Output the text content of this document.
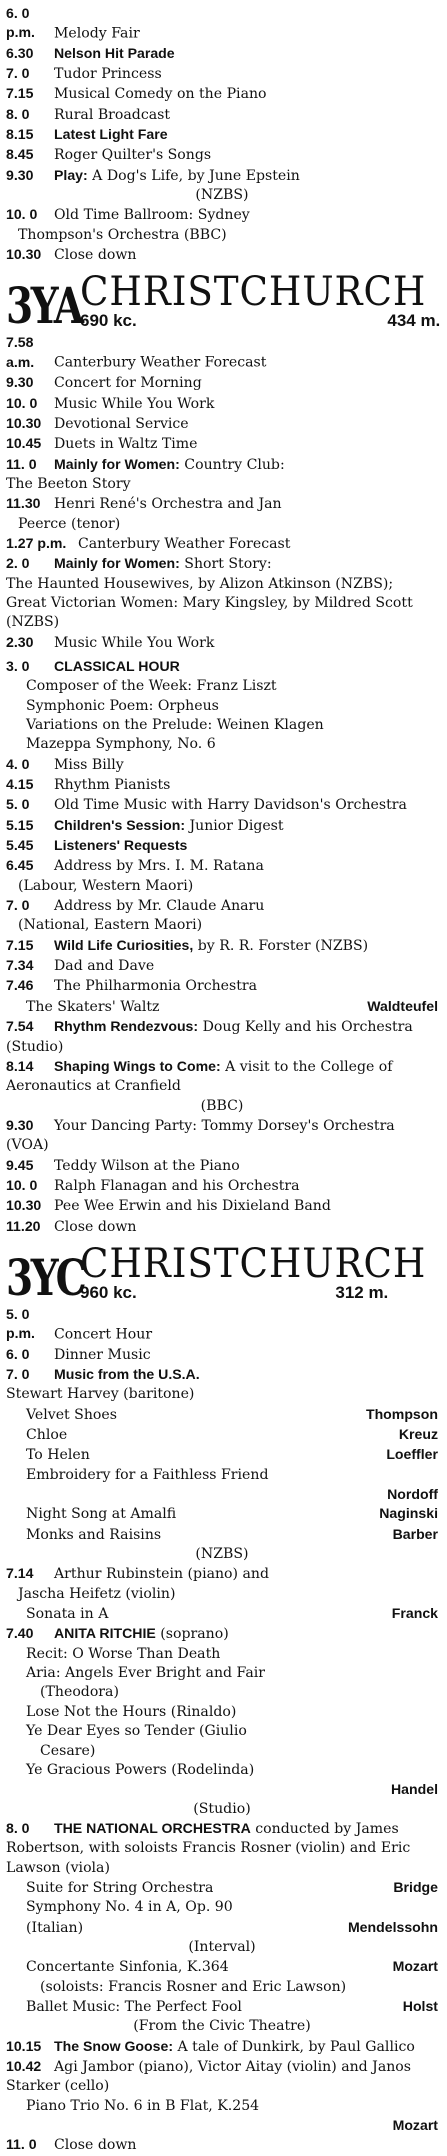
6. 0 p.m. Melody Fair
6.30 Nelson Hit Parade
7. 0 Tudor Princess
7.15 Musical Comedy on the Piano
8. 0 Rural Broadcast
8.15 Latest Light Fare
8.45 Roger Quilter's Songs
9.30 Play: A Dog's Life, by June Epstein
(NZBS)
10. 0 Old Time Ballroom: Sydney
Thompson's Orchestra (BBC)
10.30 Close down
3YA
CHRISTCHURCH
690 kc.	434 m.
7.58 a.m. Canterbury Weather Forecast
9.30 Concert for Morning
10. 0 Music While You Work
10.30 Devotional Service
10.45 Duets in Waltz Time
11. 0 Mainly for Women: Country Club:
The Beeton Story
11.30 Henri René's Orchestra and Jan
Peerce (tenor)
1.27 p.m. Canterbury Weather Forecast
2. 0 Mainly for Women: Short Story:
The Haunted Housewives, by Alizon Atkinson (NZBS); Great Victorian Women: Mary Kingsley, by Mildred Scott (NZBS)
2.30 Music While You Work
3. 0 CLASSICAL HOUR
Composer of the Week: Franz Liszt
Symphonic Poem: Orpheus
Variations on the Prelude: Weinen Klagen
Mazeppa Symphony, No. 6
4. 0 Miss Billy
4.15 Rhythm Pianists
5. 0 Old Time Music with Harry Davidson's Orchestra
5.15 Children's Session: Junior Digest
5.45 Listeners' Requests
6.45 Address by Mrs. I. M. Ratana
(Labour, Western Maori)
7. 0 Address by Mr. Claude Anaru
(National, Eastern Maori)
7.15 Wild Life Curiosities, by R. R. Forster (NZBS)
7.34 Dad and Dave
7.46 The Philharmonia Orchestra
The Skaters' Waltz	Waldteufel
7.54 Rhythm Rendezvous: Doug Kelly and his Orchestra (Studio)
8.14 Shaping Wings to Come: A visit to the College of Aeronautics at Cranfield
(BBC)
9.30 Your Dancing Party: Tommy Dorsey's Orchestra (VOA)
9.45 Teddy Wilson at the Piano
10. 0 Ralph Flanagan and his Orchestra
10.30 Pee Wee Erwin and his Dixieland Band
11.20 Close down
3YC
CHRISTCHURCH
960 kc.	312 m.
5. 0 p.m. Concert Hour
6. 0 Dinner Music
7. 0 Music from the U.S.A.
Stewart Harvey (baritone)
Velvet Shoes	Thompson
Chloe	Kreuz
To Helen	Loeffler
Embroidery for a Faithless Friend
Nordoff
Night Song at Amalfi	Naginski
Monks and Raisins	Barber
(NZBS)
7.14 Arthur Rubinstein (piano) and
Jascha Heifetz (violin)
Sonata in A	Franck
7.40 ANITA RITCHIE (soprano)
Recit: O Worse Than Death
Aria: Angels Ever Bright and Fair
(Theodora)
Lose Not the Hours (Rinaldo)
Ye Dear Eyes so Tender (Giulio
Cesare)
Ye Gracious Powers (Rodelinda)
Handel
(Studio)
8. 0 THE NATIONAL ORCHESTRA conducted by James Robertson, with soloists Francis Rosner (violin) and Eric Lawson (viola)
Suite for String Orchestra	Bridge
Symphony No. 4 in A, Op. 90
(Italian)	Mendelssohn
(Interval)
Concertante Sinfonia, K.364	Mozart
(soloists: Francis Rosner and Eric Lawson)
Ballet Music: The Perfect Fool	Holst
(From the Civic Theatre)
10.15 The Snow Goose: A tale of Dunkirk, by Paul Gallico
10.42 Agi Jambor (piano), Victor Aitay (violin) and Janos Starker (cello)
Piano Trio No. 6 in B Flat, K.254
Mozart
11. 0 Close down
